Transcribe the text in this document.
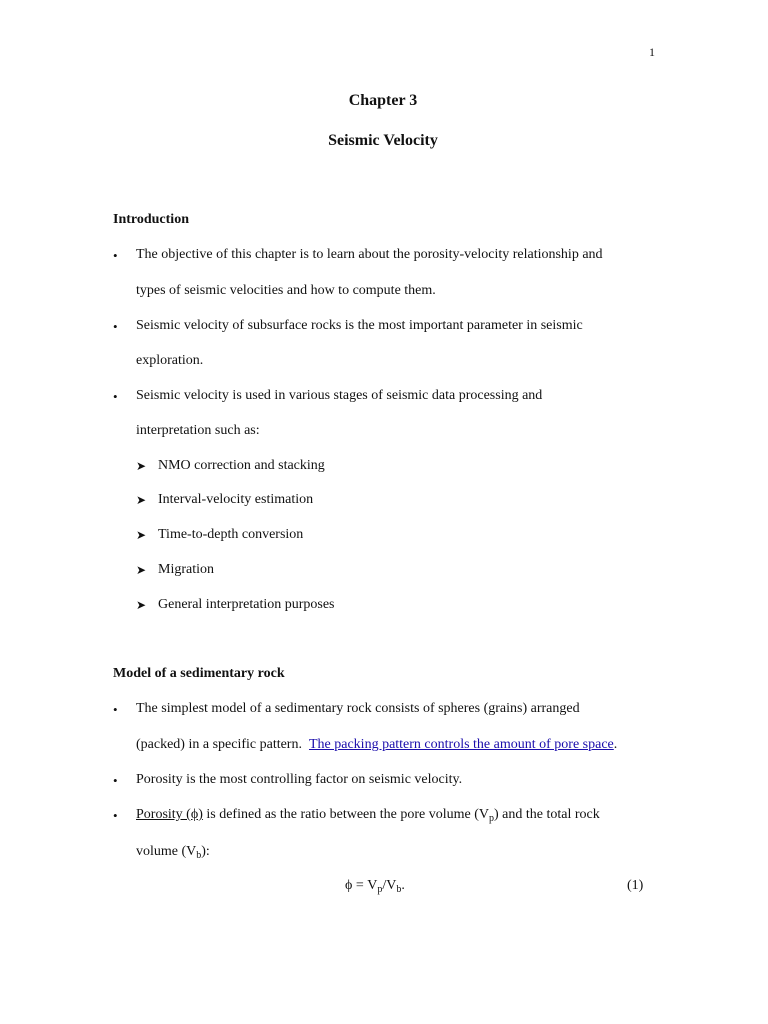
1
Chapter 3
Seismic Velocity
Introduction
• The objective of this chapter is to learn about the porosity-velocity relationship and
types of seismic velocities and how to compute them.
• Seismic velocity of subsurface rocks is the most important parameter in seismic
exploration.
• Seismic velocity is used in various stages of seismic data processing and
interpretation such as:
➤ NMO correction and stacking
➤ Interval-velocity estimation
➤ Time-to-depth conversion
➤ Migration
➤ General interpretation purposes
Model of a sedimentary rock
• The simplest model of a sedimentary rock consists of spheres (grains) arranged
(packed) in a specific pattern. The packing pattern controls the amount of pore space.
• Porosity is the most controlling factor on seismic velocity.
• Porosity (ϕ) is defined as the ratio between the pore volume $(V_p)$ and the total rock
volume $(V_b)$:
$\phi = V_p/V_b$.	(1)
